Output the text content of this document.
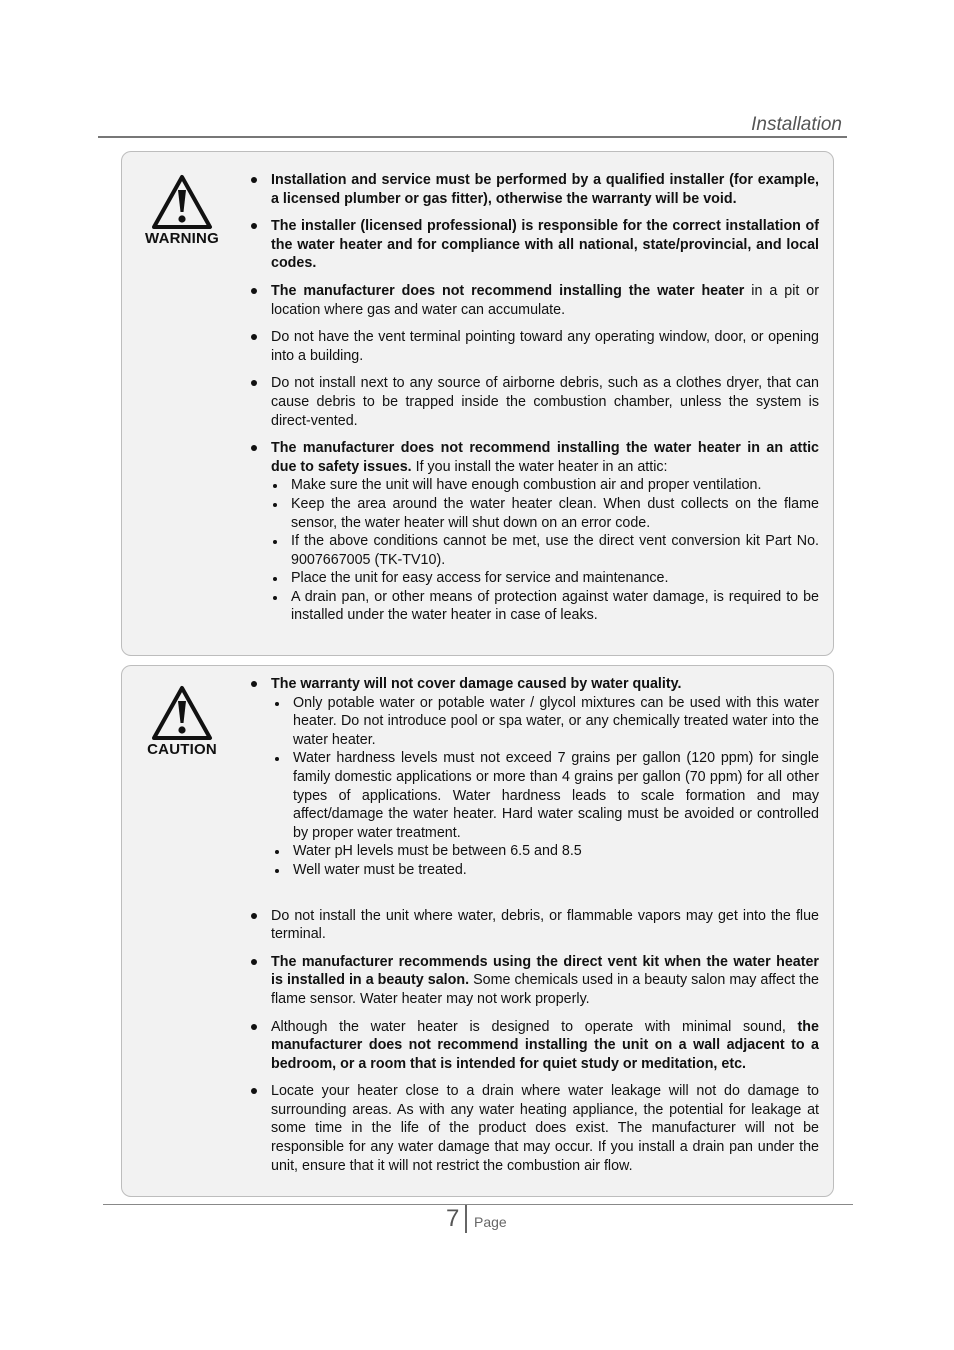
Installation
WARNING
Installation and service must be performed by a qualified installer (for example, a licensed plumber or gas fitter), otherwise the warranty will be void.
The installer (licensed professional) is responsible for the correct installation of the water heater and for compliance with all national, state/provincial, and local codes.
The manufacturer does not recommend installing the water heater in a pit or location where gas and water can accumulate.
Do not have the vent terminal pointing toward any operating window, door, or opening into a building.
Do not install next to any source of airborne debris, such as a clothes dryer, that can cause debris to be trapped inside the combustion chamber, unless the system is direct-vented.
The manufacturer does not recommend installing the water heater in an attic due to safety issues. If you install the water heater in an attic:
Make sure the unit will have enough combustion air and proper ventilation.
Keep the area around the water heater clean. When dust collects on the flame sensor, the water heater will shut down on an error code.
If the above conditions cannot be met, use the direct vent conversion kit Part No. 9007667005 (TK-TV10).
Place the unit for easy access for service and maintenance.
A drain pan, or other means of protection against water damage, is required to be installed under the water heater in case of leaks.
CAUTION
The warranty will not cover damage caused by water quality.
Only potable water or potable water / glycol mixtures can be used with this water heater. Do not introduce pool or spa water, or any chemically treated water into the water heater.
Water hardness levels must not exceed 7 grains per gallon (120 ppm) for single family domestic applications or more than 4 grains per gallon (70 ppm) for all other types of applications. Water hardness leads to scale formation and may affect/damage the water heater. Hard water scaling must be avoided or controlled by proper water treatment.
Water pH levels must be between 6.5 and 8.5
Well water must be treated.
Do not install the unit where water, debris, or flammable vapors may get into the flue terminal.
The manufacturer recommends using the direct vent kit when the water heater is installed in a beauty salon. Some chemicals used in a beauty salon may affect the flame sensor. Water heater may not work properly.
Although the water heater is designed to operate with minimal sound, the manufacturer does not recommend installing the unit on a wall adjacent to a bedroom, or a room that is intended for quiet study or meditation, etc.
Locate your heater close to a drain where water leakage will not do damage to surrounding areas. As with any water heating appliance, the potential for leakage at some time in the life of the product does exist. The manufacturer will not be responsible for any water damage that may occur. If you install a drain pan under the unit, ensure that it will not restrict the combustion air flow.
7	Page
